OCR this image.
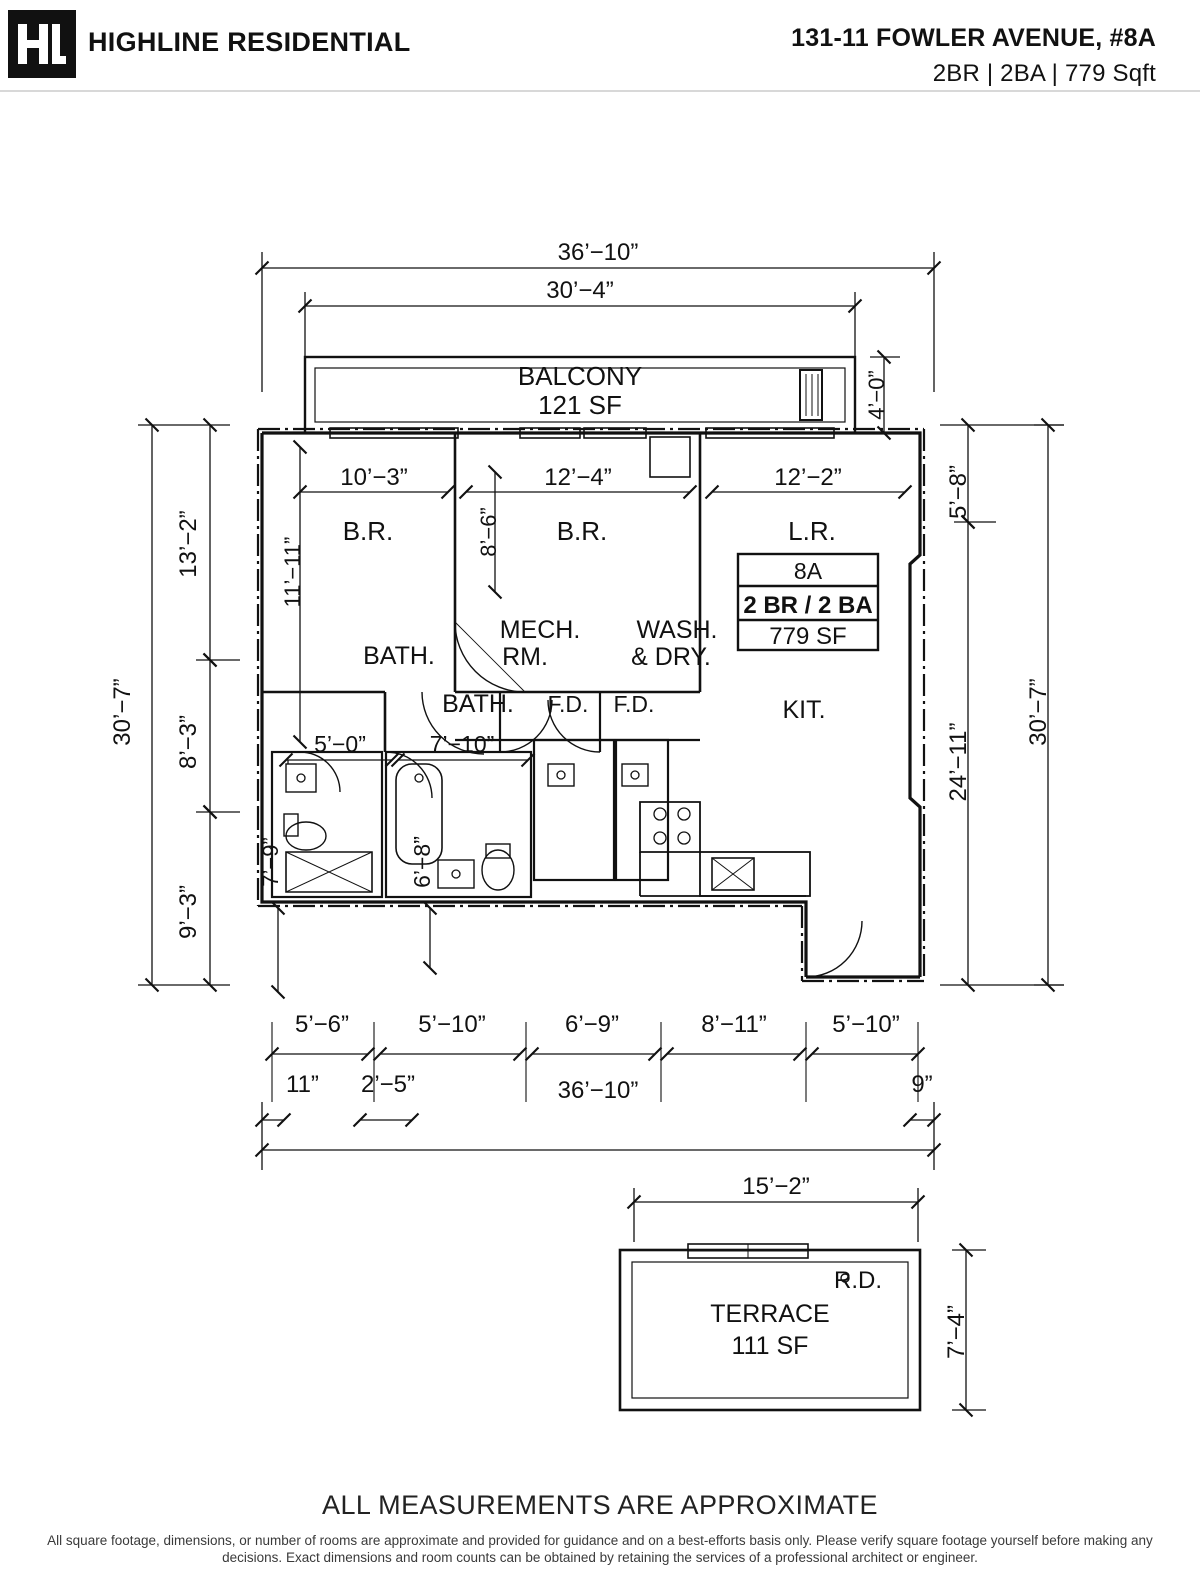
HIGHLINE RESIDENTIAL	131-11 FOWLER AVENUE, #8A
2BR | 2BA | 779 Sqft
36’−10”
30’−4”
4’−0”
BALCONY
121 SF
10’−3”	12’−4”	12’−2”
8’−6”
30’−7”
13’−2”
8’−3”
9’−3”
11’−11”
7’−9”
5’−8”
24’−11”
30’−7”
B.R.	B.R.	L.R.
BATH.
BATH.
MECH.
RM.
WASH.
& DRY.
KIT.
F.D. F.D.
8A
2 BR / 2 BA
779 SF
5’−0”	7’−10”
6’−8”
5’−6”	5’−10”	6’−9”	8’−11”	5’−10”
11” 2’−5”	9”
36’−10”
15’−2”
7’−4”
TERRACE
111 SF
R.D.
ALL MEASUREMENTS ARE APPROXIMATE
All square footage, dimensions, or number of rooms are approximate and provided for guidance and on a best-efforts basis only. Please verify square footage yourself before making any decisions. Exact dimensions and room counts can be obtained by retaining the services of a professional architect or engineer.
